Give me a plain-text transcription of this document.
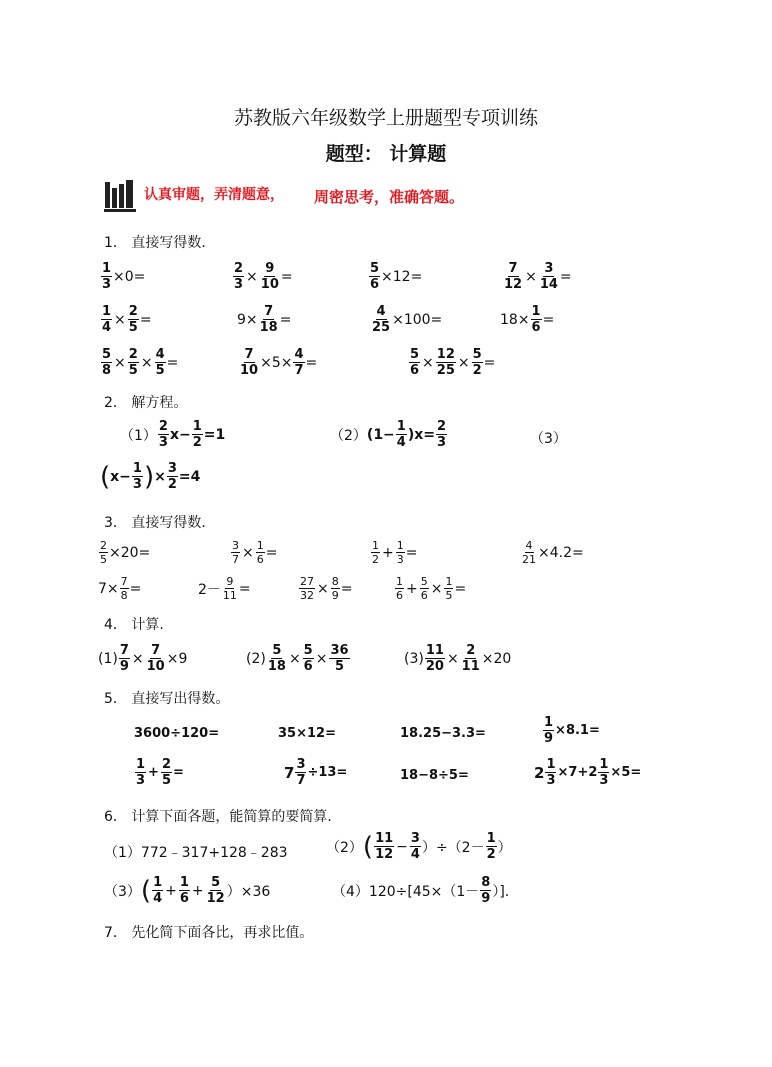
苏教版六年级数学上册题型专项训练
题型： 计算题
认真审题，弄清题意， 周密思考，准确答题。
1． 直接写得数．
$\frac{1}{3} \times 0=$	$\frac{2}{3} \times \frac{9}{10}$ =	$\frac{5}{6} \times 12=$	$\frac{7}{12} \times \frac{3}{14}$ =
$\frac{1}{4} \times \frac{2}{5}$ =	$9\times \frac{7}{18}$ =	$\frac{4}{25} \times 100=$	$18\times \frac{1}{6}$ =
$\frac{5}{8} \times \frac{2}{5} \times \frac{4}{5}$ =	$\frac{7}{10} \times 5\times \frac{4}{7}$ =	$\frac{5}{6} \times \frac{12}{25} \times \frac{5}{2}$ =
2． 解方程。
$(1) \frac{2}{3} x- \frac{1}{2} =1$	（2） $(1- \frac{1}{4} )x= \frac{2}{3}$	（3）
( $x- \frac{1}{3}$ ) × $\frac{3}{2} =4$
3． 直接写得数．
$\frac{2}{5} \times 20=$	$\frac{3}{7} \times \frac{1}{6}$ =	$\frac{1}{2} + \frac{1}{3}$ =	$\frac{4}{21} \times 4.2=$
$7\times \frac{7}{8}$ =	$2- \frac{9}{11}$ =	$\frac{27}{32} \times \frac{8}{9}$ =	$\frac{1}{6} + \frac{5}{6} \times \frac{1}{5}$ =
4． 计算.
$(1) \frac{7}{9} \times \frac{7}{10} \times 9$	$(2) \frac{5}{18} \times \frac{5}{6} \times \frac{36}{5}$	$(3) \frac{11}{20} \times \frac{2}{11} \times 20$
5． 直接写出得数。
3600÷120=	35×12=	18.25−3.3=	$\frac{1}{9} \times 8.1=$
$\frac{1}{3} + \frac{2}{5}$ =	$7 \frac{3}{7} \div 13=$	18−8÷5=	$2 \frac{1}{3} \times 7+2 \frac{1}{3} \times 5=$
6． 计算下面各题，能简算的要简算．
（1）772﹣317+128﹣283	（2） ( $\frac{11}{12} - \frac{3}{4} )\div(2- \frac{1}{2}$ ）
（3） ( $\frac{1}{4} + \frac{1}{6} + \frac{5}{12} )\times 36$	$(4)120\div[45\times(1- \frac{8}{9}$ ）].
7． 先化简下面各比，再求比值。
